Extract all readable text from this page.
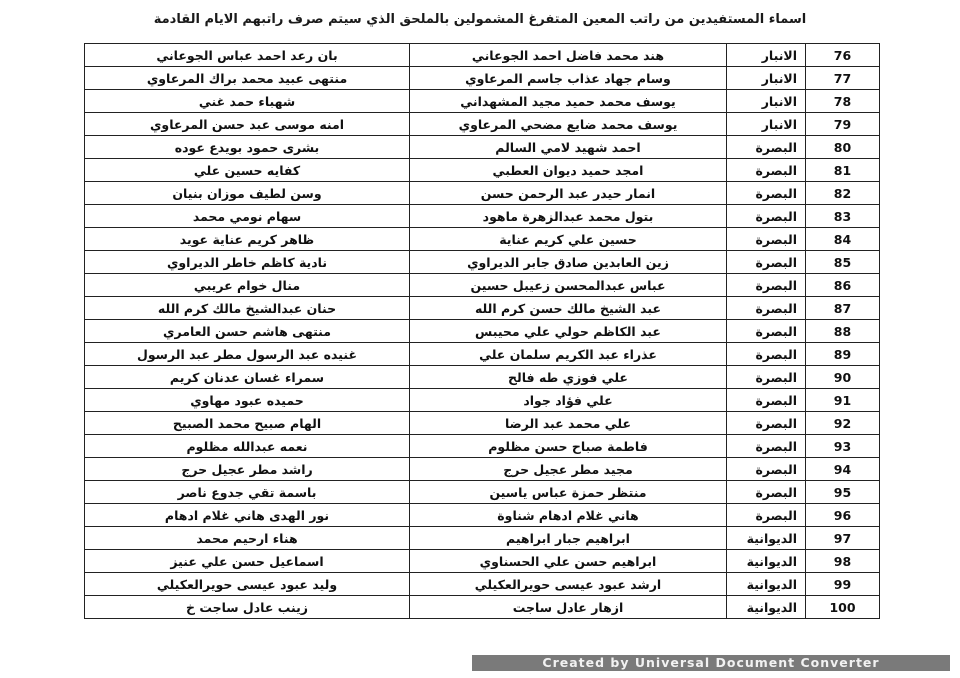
اسماء المستفيدين من راتب المعين المتفرغ المشمولين بالملحق الذي سيتم صرف راتبهم الايام القادمة
76	الانبار	هند محمد فاضل احمد الجوعاني	بان رعد احمد عباس الجوعاني
77	الانبار	وسام جهاد عذاب جاسم المرعاوي	منتهى عبيد محمد براك المرعاوي
78	الانبار	يوسف محمد حميد مجيد المشهداني	شهباء حمد غني
79	الانبار	يوسف محمد ضايع مضحي المرعاوي	امنه موسى عبد حسن المرعاوي
80	البصرة	احمد شهيد لامي السالم	بشرى حمود بويدع عوده
81	البصرة	امجد حميد ديوان العطبي	كفايه حسين علي
82	البصرة	انمار حيدر عبد الرحمن حسن	وسن لطيف موزان بنيان
83	البصرة	بتول محمد عبدالزهرة ماهود	سهام نومي محمد
84	البصرة	حسين علي كريم عناية	ظاهر كريم عناية عويد
85	البصرة	زين العابدين صادق جابر الديراوي	نادية كاظم خاطر الديراوي
86	البصرة	عباس عبدالمحسن زعيبل حسين	منال خوام عريبي
87	البصرة	عبد الشيخ مالك حسن كرم الله	حنان عبدالشيخ مالك كرم الله
88	البصرة	عبد الكاظم حولي علي محيبس	منتهى هاشم حسن العامري
89	البصرة	عذراء عبد الكريم سلمان علي	غنيده عبد الرسول مطر عبد الرسول
90	البصرة	علي فوزي طه فالح	سمراء غسان عدنان كريم
91	البصرة	علي فؤاد جواد	حميده عبود مهاوي
92	البصرة	علي محمد عبد الرضا	الهام صبيح محمد الصبيح
93	البصرة	فاطمة صباح حسن مظلوم	نعمه عبدالله مظلوم
94	البصرة	مجيد مطر عجيل حرج	راشد مطر عجيل حرج
95	البصرة	منتظر حمزة عباس ياسين	باسمة تقي جدوع ناصر
96	البصرة	هاني غلام ادهام شناوة	نور الهدى هاني غلام ادهام
97	الديوانية	ابراهيم جبار ابراهيم	هناء ارحيم محمد
98	الديوانية	ابراهيم حسن علي الحسناوي	اسماعيل حسن علي عنيز
99	الديوانية	ارشد عبود عيسى حويرالعكيلي	وليد عبود عيسى حويرالعكيلي
100	الديوانية	ازهار عادل ساجت	زينب عادل ساجت خ
Created by Universal Document Converter
